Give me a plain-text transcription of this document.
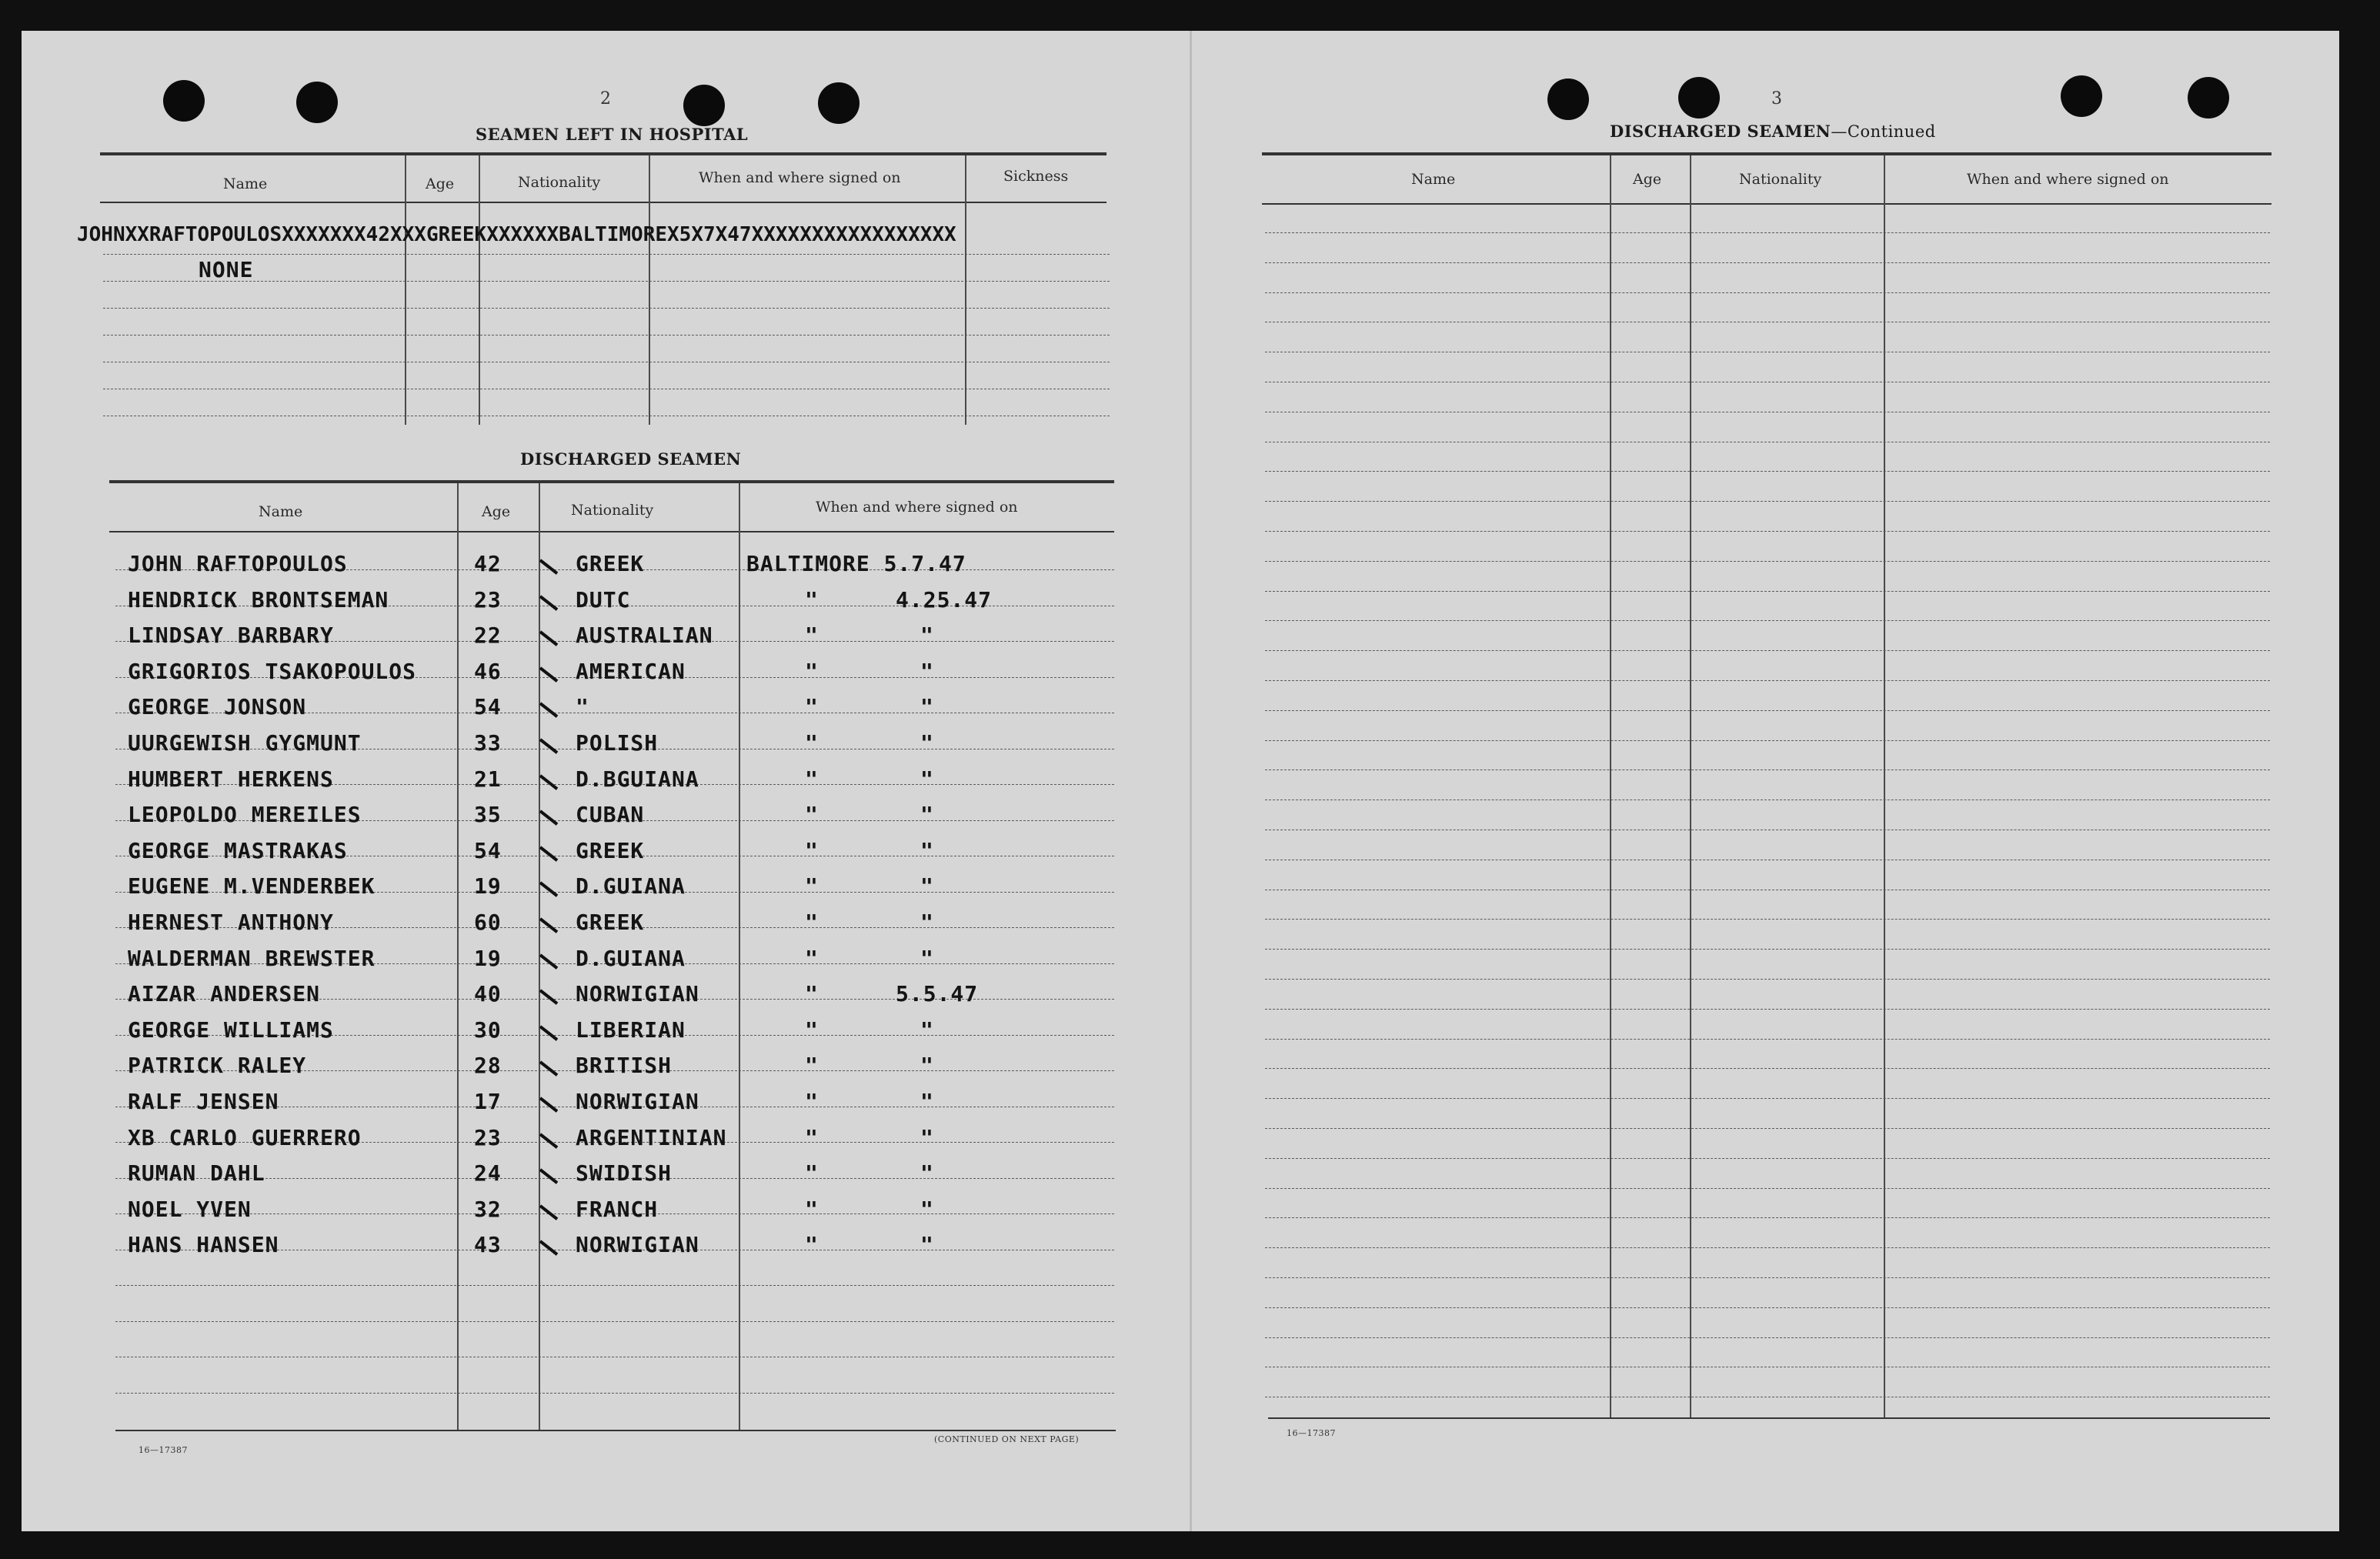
2
SEAMEN LEFT IN HOSPITAL
Name	Age	Nationality	When and where signed on	Sickness
JOHNXXRAFTOPOULOSXXXXXXX42XXXGREEKXXXXXXBALTIMOREX5X7X47XXXXXXXXXXXXXXXXX
NONE
DISCHARGED SEAMEN
Name	Age	Nationality	When and where signed on
JOHN RAFTOPOULOS	42	GREEK	BALTIMORE 5.7.47
HENDRICK BRONTSEMAN	23	DUTC	"	4.25.47
LINDSAY BARBARY	22	AUSTRALIAN	"	"
GRIGORIOS TSAKOPOULOS	46	AMERICAN	"	"
GEORGE JONSON	54	"	"	"
UURGEWISH GYGMUNT	33	POLISH	"	"
HUMBERT HERKENS	21	D.BGUIANA	"	"
LEOPOLDO MEREILES	35	CUBAN	"	"
GEORGE MASTRAKAS	54	GREEK	"	"
EUGENE M.VENDERBEK	19	D.GUIANA	"	"
HERNEST ANTHONY	60	GREEK	"	"
WALDERMAN BREWSTER	19	D.GUIANA	"	"
AIZAR ANDERSEN	40	NORWIGIAN	"	5.5.47
GEORGE WILLIAMS	30	LIBERIAN	"	"
PATRICK RALEY	28	BRITISH	"	"
RALF JENSEN	17	NORWIGIAN	"	"
XB CARLO GUERRERO	23	ARGENTINIAN	"	"
RUMAN DAHL	24	SWIDISH	"	"
NOEL YVEN	32	FRANCH	"	"
HANS HANSEN	43	NORWIGIAN	"	"
16—17387
(CONTINUED ON NEXT PAGE)
3
DISCHARGED SEAMEN—Continued
Name	Age	Nationality	When and where signed on
16—17387
